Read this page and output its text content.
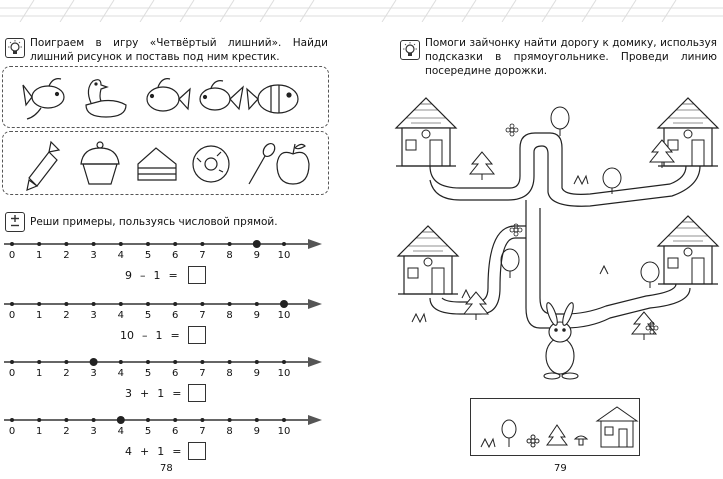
Поиграем в игру «Четвёртый лишний». Найди лишний рисунок и поставь под ним крестик.
Реши примеры, пользуясь числовой прямой.
0	1	2	3	4	5	6	7	8	9	10
9 – 1 =
0	1	2	3	4	5	6	7	8	9	10
10 – 1 =
0	1	2	3	4	5	6	7	8	9	10
3 + 1 =
0	1	2	3	4	5	6	7	8	9	10
4 + 1 =
78
Помоги зайчонку найти дорогу к домику, используя подсказки в прямоугольнике. Проведи линию посередине дорожки.
79
